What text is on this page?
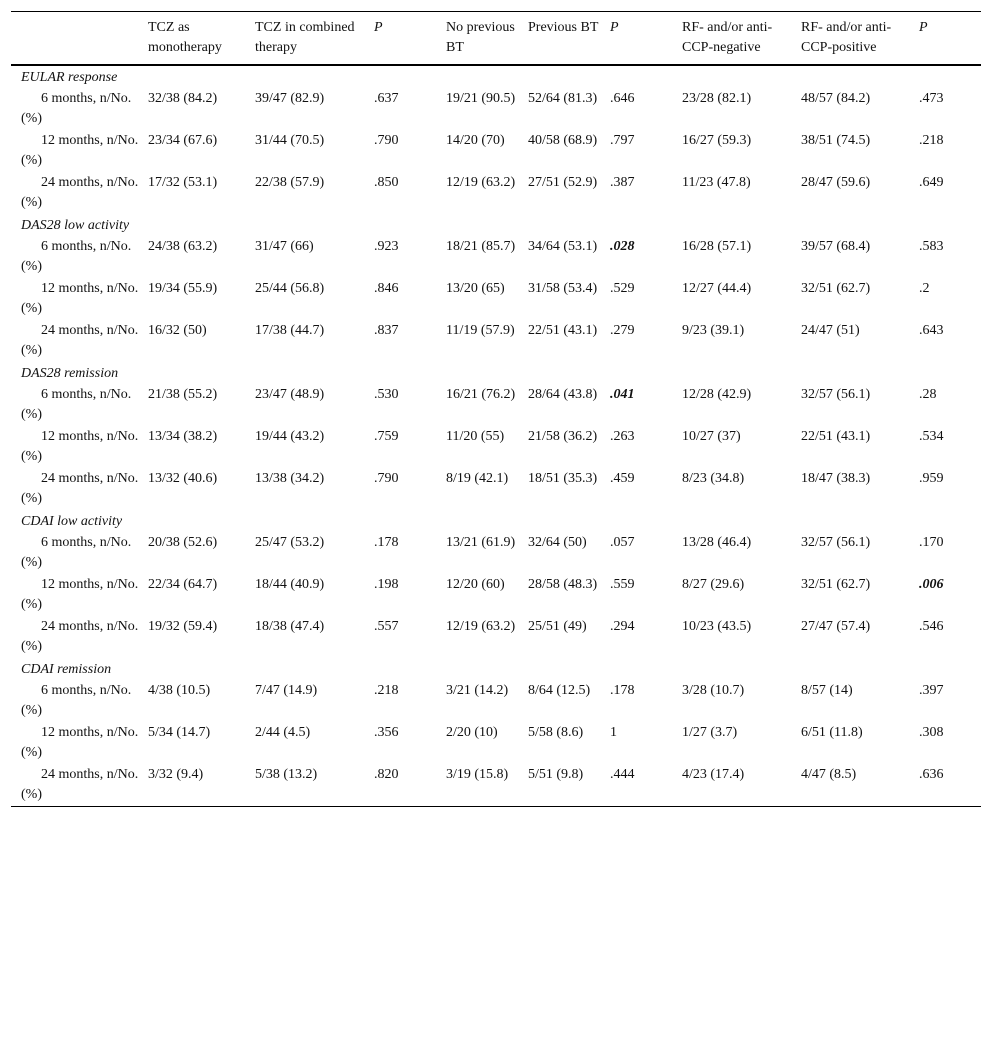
	TCZ as monotherapy	TCZ in combined therapy	P	No previous BT	Previous BT	P	RF- and/or anti-CCP-negative	RF- and/or anti-CCP-positive	P
EULAR response									
6 months, n/No. (%)	32/38 (84.2)	39/47 (82.9)	.637	19/21 (90.5)	52/64 (81.3)	.646	23/28 (82.1)	48/57 (84.2)	.473
12 months, n/No. (%)	23/34 (67.6)	31/44 (70.5)	.790	14/20 (70)	40/58 (68.9)	.797	16/27 (59.3)	38/51 (74.5)	.218
24 months, n/No. (%)	17/32 (53.1)	22/38 (57.9)	.850	12/19 (63.2)	27/51 (52.9)	.387	11/23 (47.8)	28/47 (59.6)	.649
DAS28 low activity									
6 months, n/No. (%)	24/38 (63.2)	31/47 (66)	.923	18/21 (85.7)	34/64 (53.1)	.028	16/28 (57.1)	39/57 (68.4)	.583
12 months, n/No. (%)	19/34 (55.9)	25/44 (56.8)	.846	13/20 (65)	31/58 (53.4)	.529	12/27 (44.4)	32/51 (62.7)	.2
24 months, n/No. (%)	16/32 (50)	17/38 (44.7)	.837	11/19 (57.9)	22/51 (43.1)	.279	9/23 (39.1)	24/47 (51)	.643
DAS28 remission									
6 months, n/No. (%)	21/38 (55.2)	23/47 (48.9)	.530	16/21 (76.2)	28/64 (43.8)	.041	12/28 (42.9)	32/57 (56.1)	.28
12 months, n/No. (%)	13/34 (38.2)	19/44 (43.2)	.759	11/20 (55)	21/58 (36.2)	.263	10/27 (37)	22/51 (43.1)	.534
24 months, n/No. (%)	13/32 (40.6)	13/38 (34.2)	.790	8/19 (42.1)	18/51 (35.3)	.459	8/23 (34.8)	18/47 (38.3)	.959
CDAI low activity									
6 months, n/No. (%)	20/38 (52.6)	25/47 (53.2)	.178	13/21 (61.9)	32/64 (50)	.057	13/28 (46.4)	32/57 (56.1)	.170
12 months, n/No. (%)	22/34 (64.7)	18/44 (40.9)	.198	12/20 (60)	28/58 (48.3)	.559	8/27 (29.6)	32/51 (62.7)	.006
24 months, n/No. (%)	19/32 (59.4)	18/38 (47.4)	.557	12/19 (63.2)	25/51 (49)	.294	10/23 (43.5)	27/47 (57.4)	.546
CDAI remission									
6 months, n/No. (%)	4/38 (10.5)	7/47 (14.9)	.218	3/21 (14.2)	8/64 (12.5)	.178	3/28 (10.7)	8/57 (14)	.397
12 months, n/No. (%)	5/34 (14.7)	2/44 (4.5)	.356	2/20 (10)	5/58 (8.6)	1	1/27 (3.7)	6/51 (11.8)	.308
24 months, n/No. (%)	3/32 (9.4)	5/38 (13.2)	.820	3/19 (15.8)	5/51 (9.8)	.444	4/23 (17.4)	4/47 (8.5)	.636
